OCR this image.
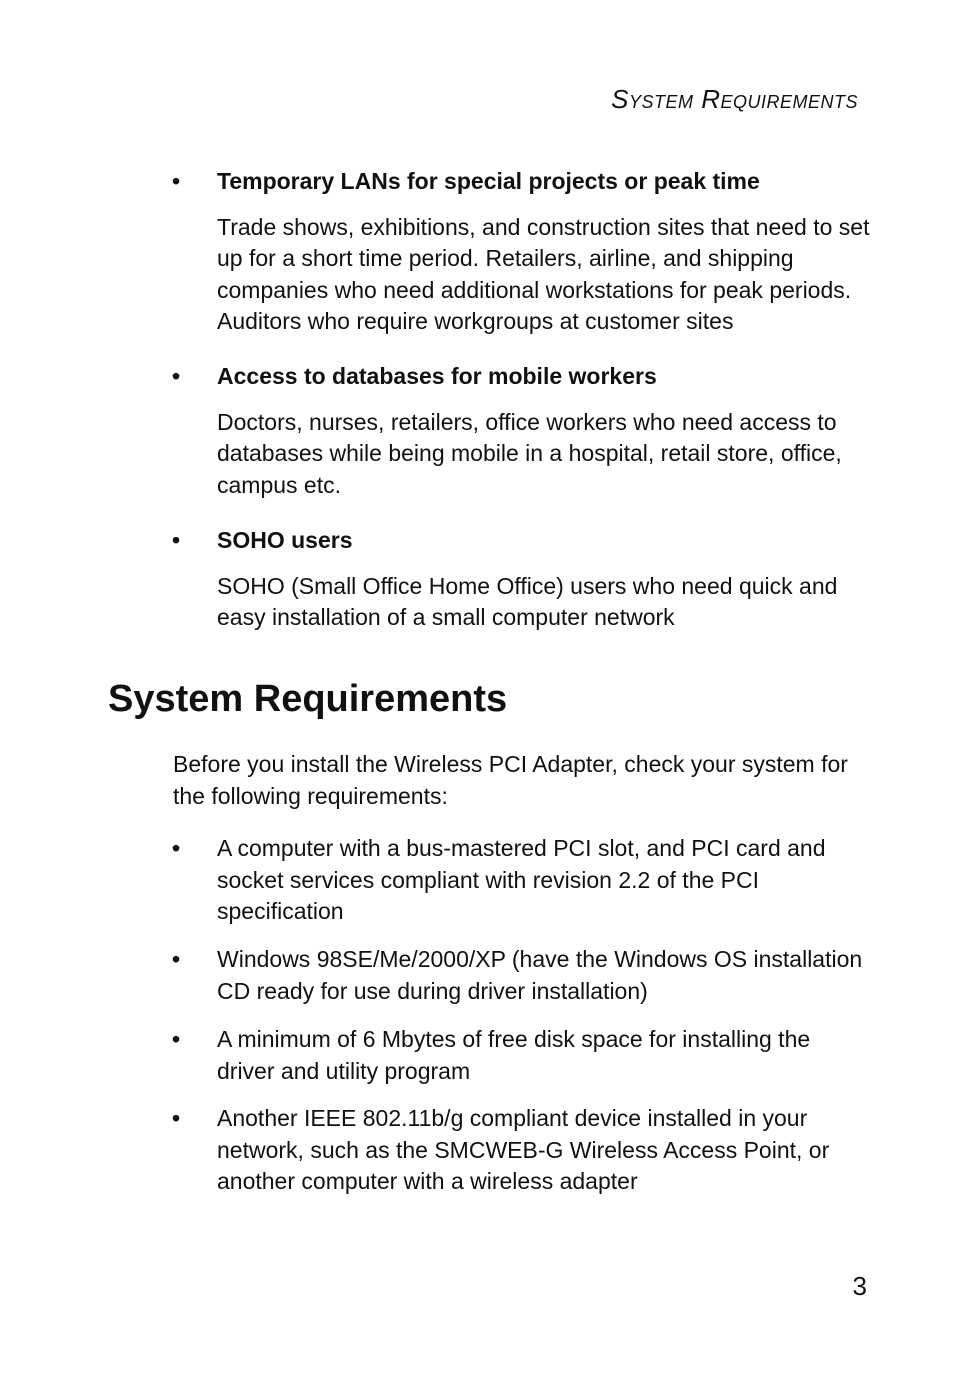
System Requirements
• Temporary LANs for special projects or peak time
Trade shows, exhibitions, and construction sites that need to set up for a short time period. Retailers, airline, and shipping companies who need additional workstations for peak periods. Auditors who require workgroups at customer sites
• Access to databases for mobile workers
Doctors, nurses, retailers, office workers who need access to databases while being mobile in a hospital, retail store, office, campus etc.
• SOHO users
SOHO (Small Office Home Office) users who need quick and easy installation of a small computer network
System Requirements
Before you install the Wireless PCI Adapter, check your system for the following requirements:
• A computer with a bus-mastered PCI slot, and PCI card and socket services compliant with revision 2.2 of the PCI specification
• Windows 98SE/Me/2000/XP (have the Windows OS installation CD ready for use during driver installation)
• A minimum of 6 Mbytes of free disk space for installing the driver and utility program
• Another IEEE 802.11b/g compliant device installed in your network, such as the SMCWEB-G Wireless Access Point, or another computer with a wireless adapter
3
